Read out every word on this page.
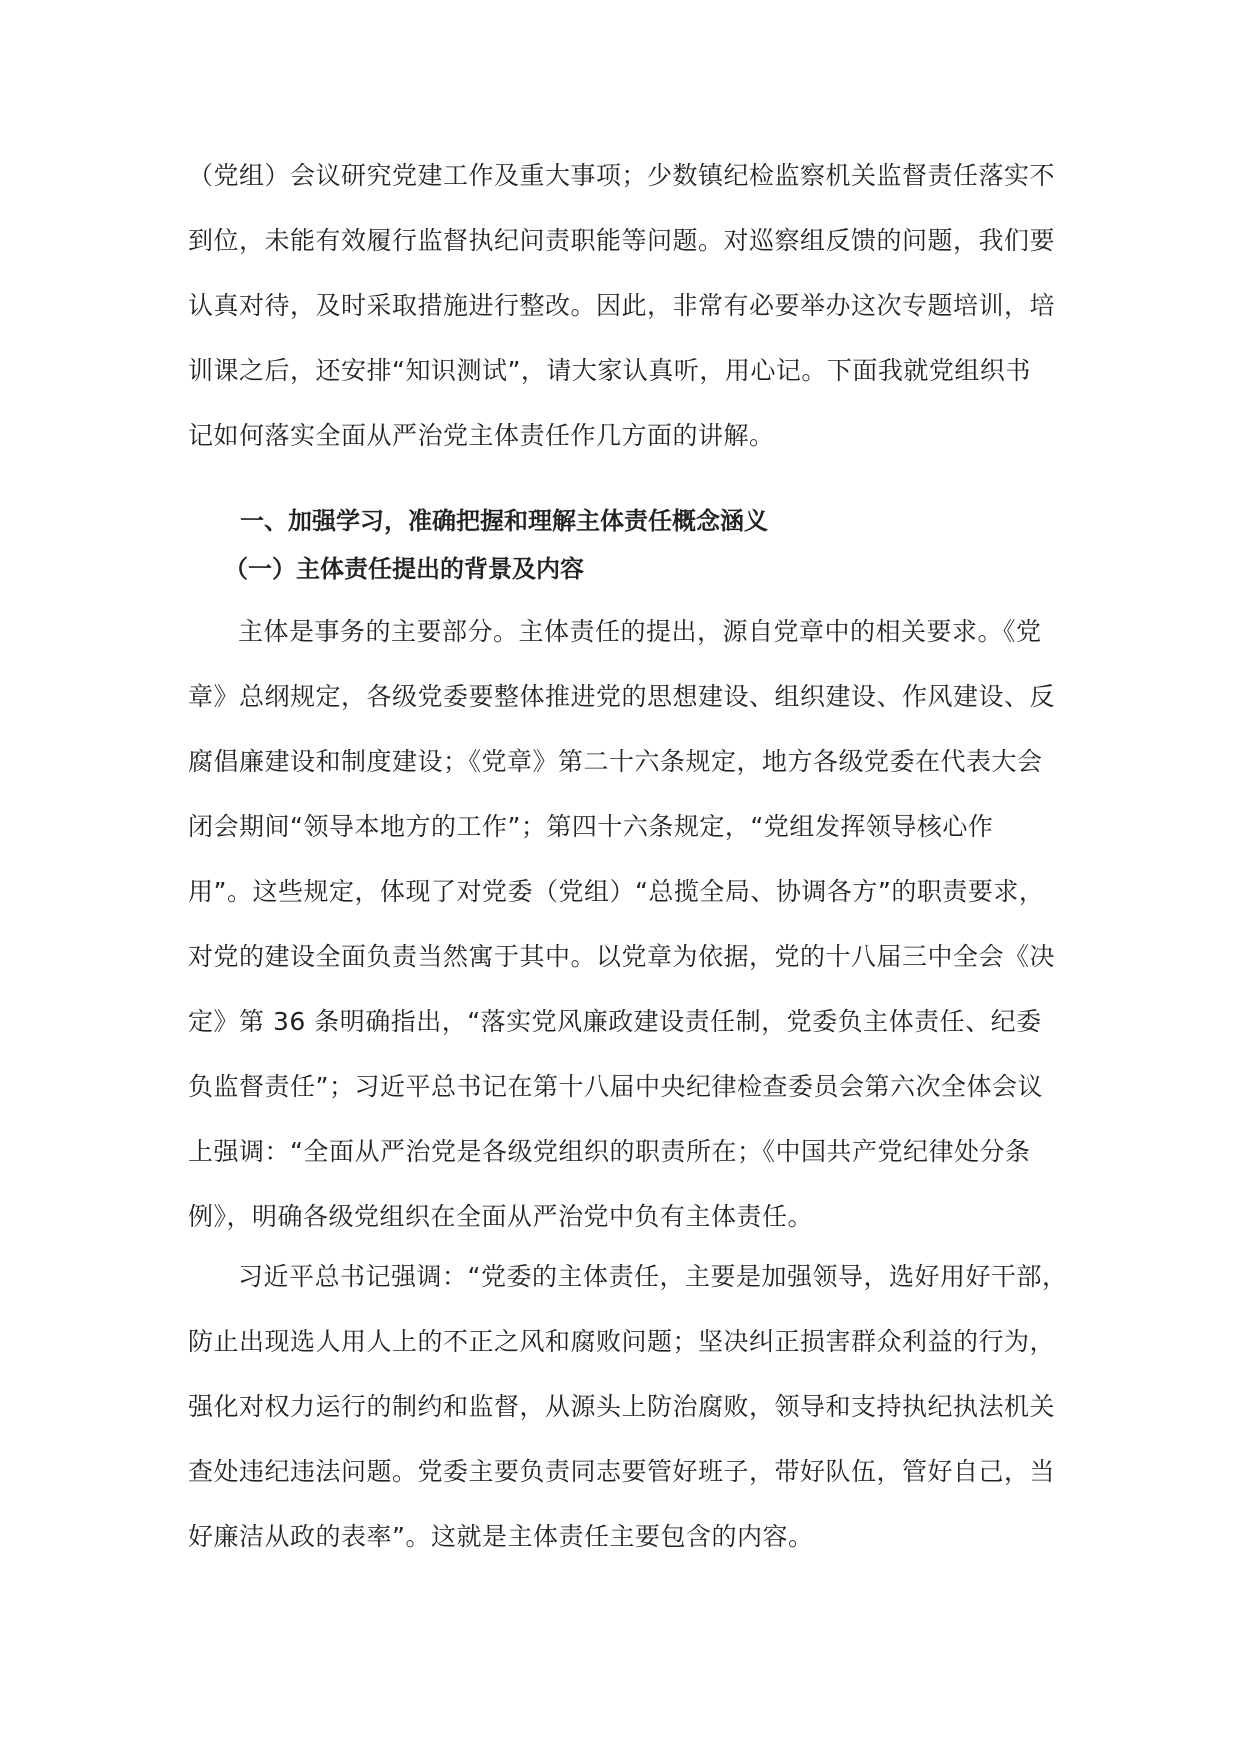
（党组）会议研究党建工作及重大事项；少数镇纪检监察机关监督责任落实不
到位，未能有效履行监督执纪问责职能等问题。对巡察组反馈的问题，我们要
认真对待，及时采取措施进行整改。因此，非常有必要举办这次专题培训，培
训课之后，还安排“知识测试”，请大家认真听，用心记。下面我就党组织书
记如何落实全面从严治党主体责任作几方面的讲解。

一、加强学习，准确把握和理解主体责任概念涵义
（一）主体责任提出的背景及内容

主体是事务的主要部分。主体责任的提出，源自党章中的相关要求。《党
章》总纲规定，各级党委要整体推进党的思想建设、组织建设、作风建设、反
腐倡廉建设和制度建设；《党章》第二十六条规定，地方各级党委在代表大会
闭会期间“领导本地方的工作”；第四十六条规定，“党组发挥领导核心作
用”。这些规定，体现了对党委（党组）“总揽全局、协调各方”的职责要求，
对党的建设全面负责当然寓于其中。以党章为依据，党的十八届三中全会《决
定》第 36 条明确指出，“落实党风廉政建设责任制，党委负主体责任、纪委
负监督责任”；习近平总书记在第十八届中央纪律检查委员会第六次全体会议
上强调：“全面从严治党是各级党组织的职责所在；《中国共产党纪律处分条
例》，明确各级党组织在全面从严治党中负有主体责任。

习近平总书记强调：“党委的主体责任，主要是加强领导，选好用好干部，
防止出现选人用人上的不正之风和腐败问题；坚决纠正损害群众利益的行为，
强化对权力运行的制约和监督，从源头上防治腐败，领导和支持执纪执法机关
查处违纪违法问题。党委主要负责同志要管好班子，带好队伍，管好自己，当
好廉洁从政的表率”。这就是主体责任主要包含的内容。
